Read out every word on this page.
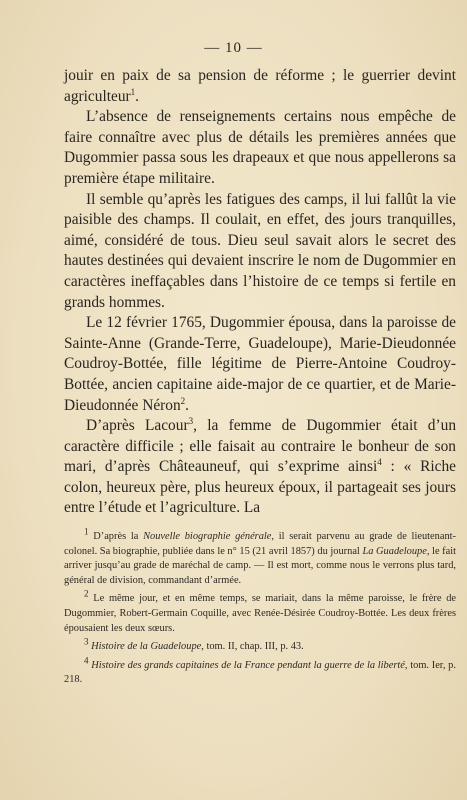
— 10 —

jouir en paix de sa pension de réforme ; le guerrier devint agriculteur$^1$.

L’absence de renseignements certains nous empêche de faire connaître avec plus de détails les premières années que Dugommier passa sous les drapeaux et que nous appellerons sa première étape militaire.

Il semble qu’après les fatigues des camps, il lui fallût la vie paisible des champs. Il coulait, en effet, des jours tranquilles, aimé, considéré de tous. Dieu seul savait alors le secret des hautes destinées qui devaient inscrire le nom de Dugommier en caractères ineffaçables dans l’histoire de ce temps si fertile en grands hommes.

Le 12 février 1765, Dugommier épousa, dans la paroisse de Sainte-Anne (Grande-Terre, Guadeloupe), Marie-Dieudonnée Coudroy-Bottée, fille légitime de Pierre-Antoine Coudroy-Bottée, ancien capitaine aide-major de ce quartier, et de Marie-Dieudonnée Néron$^2$.

D’après Lacour$^3$, la femme de Dugommier était d’un caractère difficile ; elle faisait au contraire le bonheur de son mari, d’après Châteauneuf, qui s’exprime ainsi$^4$ : « Riche colon, heureux père, plus heureux époux, il partageait ses jours entre l’étude et l’agriculture. La

$^1$ D’après la Nouvelle biographie générale, il serait parvenu au grade de lieutenant-colonel. Sa biographie, publiée dans le n° 15 (21 avril 1857) du journal La Guadeloupe, le fait arriver jusqu’au grade de maréchal de camp. — Il est mort, comme nous le verrons plus tard, général de division, commandant d’armée.

$^2$ Le même jour, et en même temps, se mariait, dans la même paroisse, le frère de Dugommier, Robert-Germain Coquille, avec Renée-Désirée Coudroy-Bottée. Les deux frères épousaient les deux sœurs.

$^3$ Histoire de la Guadeloupe, tom. II, chap. III, p. 43.

$^4$ Histoire des grands capitaines de la France pendant la guerre de la liberté, tom. Ier, p. 218.
